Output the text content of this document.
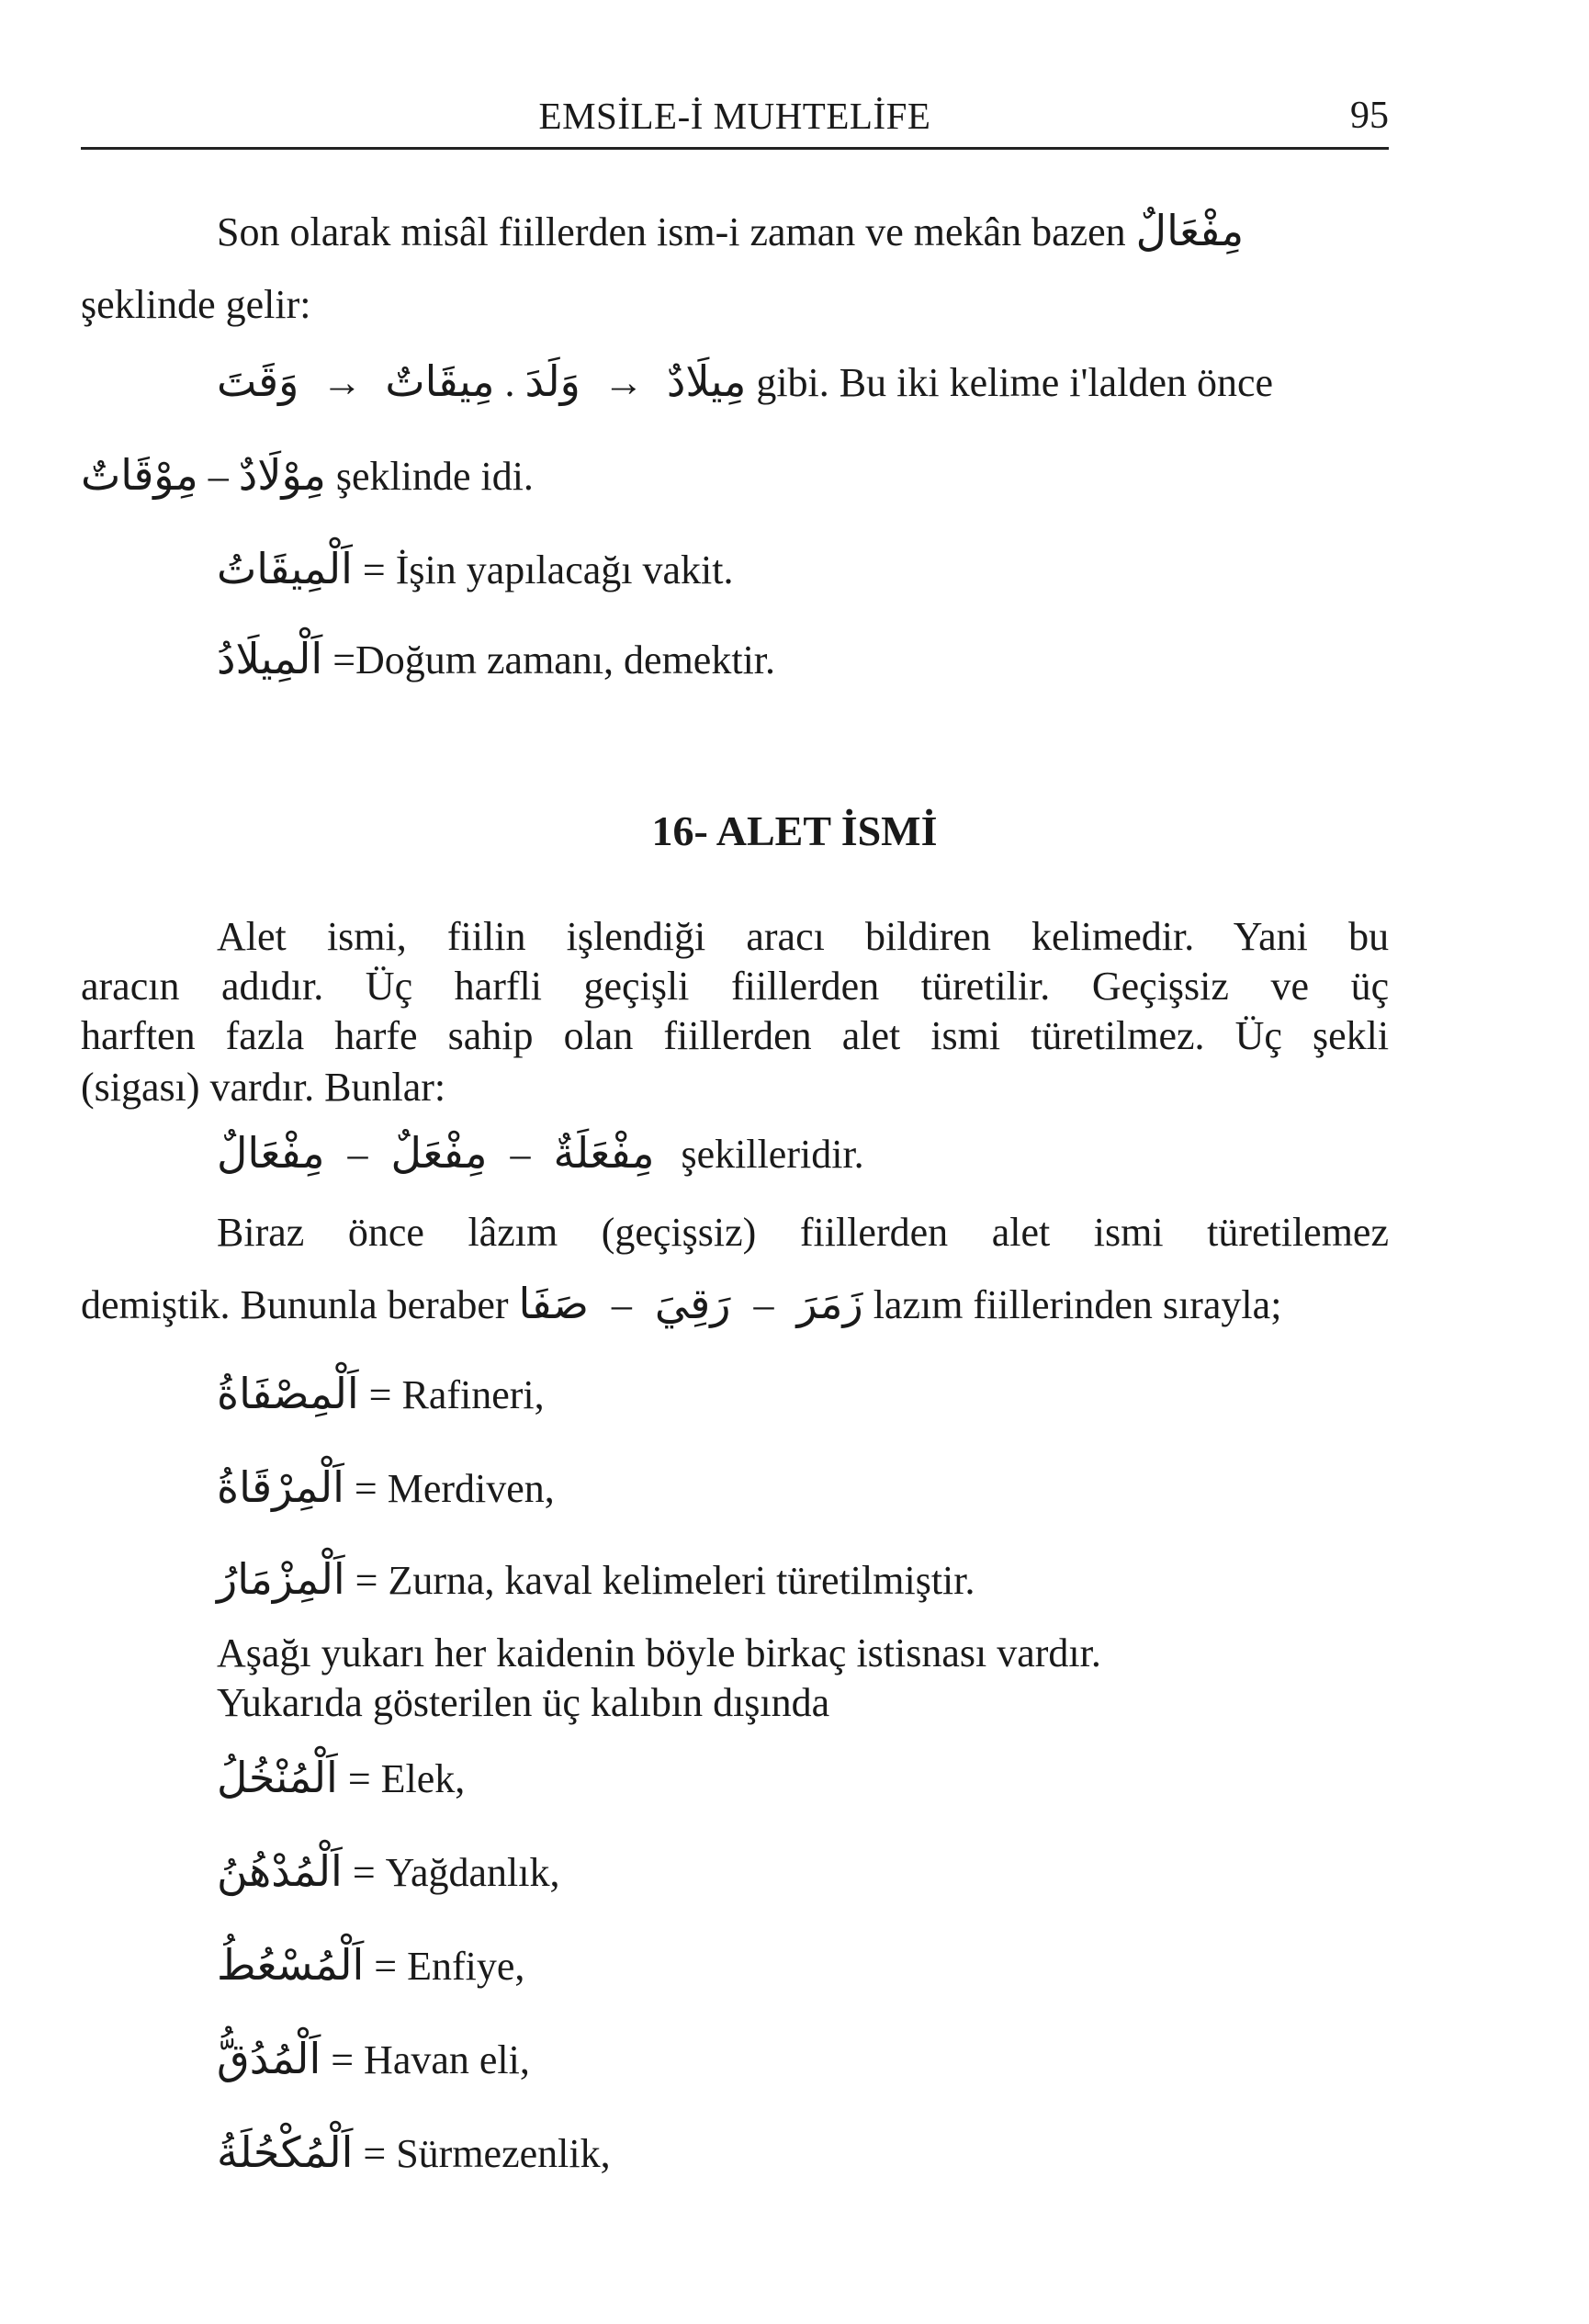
EMSİLE-İ MUHTELİFE	95
Son olarak misâl fiillerden ism-i zaman ve mekân bazen مِفْعَالٌ
şeklinde gelir:
وَقَتَ → مِيقَاتٌ . وَلَدَ → مِيلَادٌ gibi. Bu iki kelime i'lalden önce
مِوْقَاتٌ – مِوْلَادٌ şeklinde idi.
اَلْمِيقَاتُ = İşin yapılacağı vakit.
اَلْمِيلَادُ =Doğum zamanı, demektir.
16- ALET İSMİ
Alet ismi, fiilin işlendiği aracı bildiren kelimedir. Yani bu
aracın adıdır. Üç harfli geçişli fiillerden türetilir. Geçişsiz ve üç
harften fazla harfe sahip olan fiillerden alet ismi türetilmez. Üç şekli
(sigası) vardır. Bunlar:
مِفْعَالٌ – مِفْعَلٌ – مِفْعَلَةٌ şekilleridir.
Biraz önce lâzım (geçişsiz) fiillerden alet ismi türetilemez
demiştik. Bununla beraber صَفَا – رَقِيَ – زَمَرَ lazım fiillerinden sırayla;
اَلْمِصْفَاةُ = Rafineri,
اَلْمِرْقَاةُ = Merdiven,
اَلْمِزْمَارُ = Zurna, kaval kelimeleri türetilmiştir.
Aşağı yukarı her kaidenin böyle birkaç istisnası vardır.
Yukarıda gösterilen üç kalıbın dışında
اَلْمُنْخُلُ = Elek,
اَلْمُدْهُنُ = Yağdanlık,
اَلْمُسْعُطُ = Enfiye,
اَلْمُدُقُّ = Havan eli,
اَلْمُكْحُلَةُ = Sürmezenlik,
